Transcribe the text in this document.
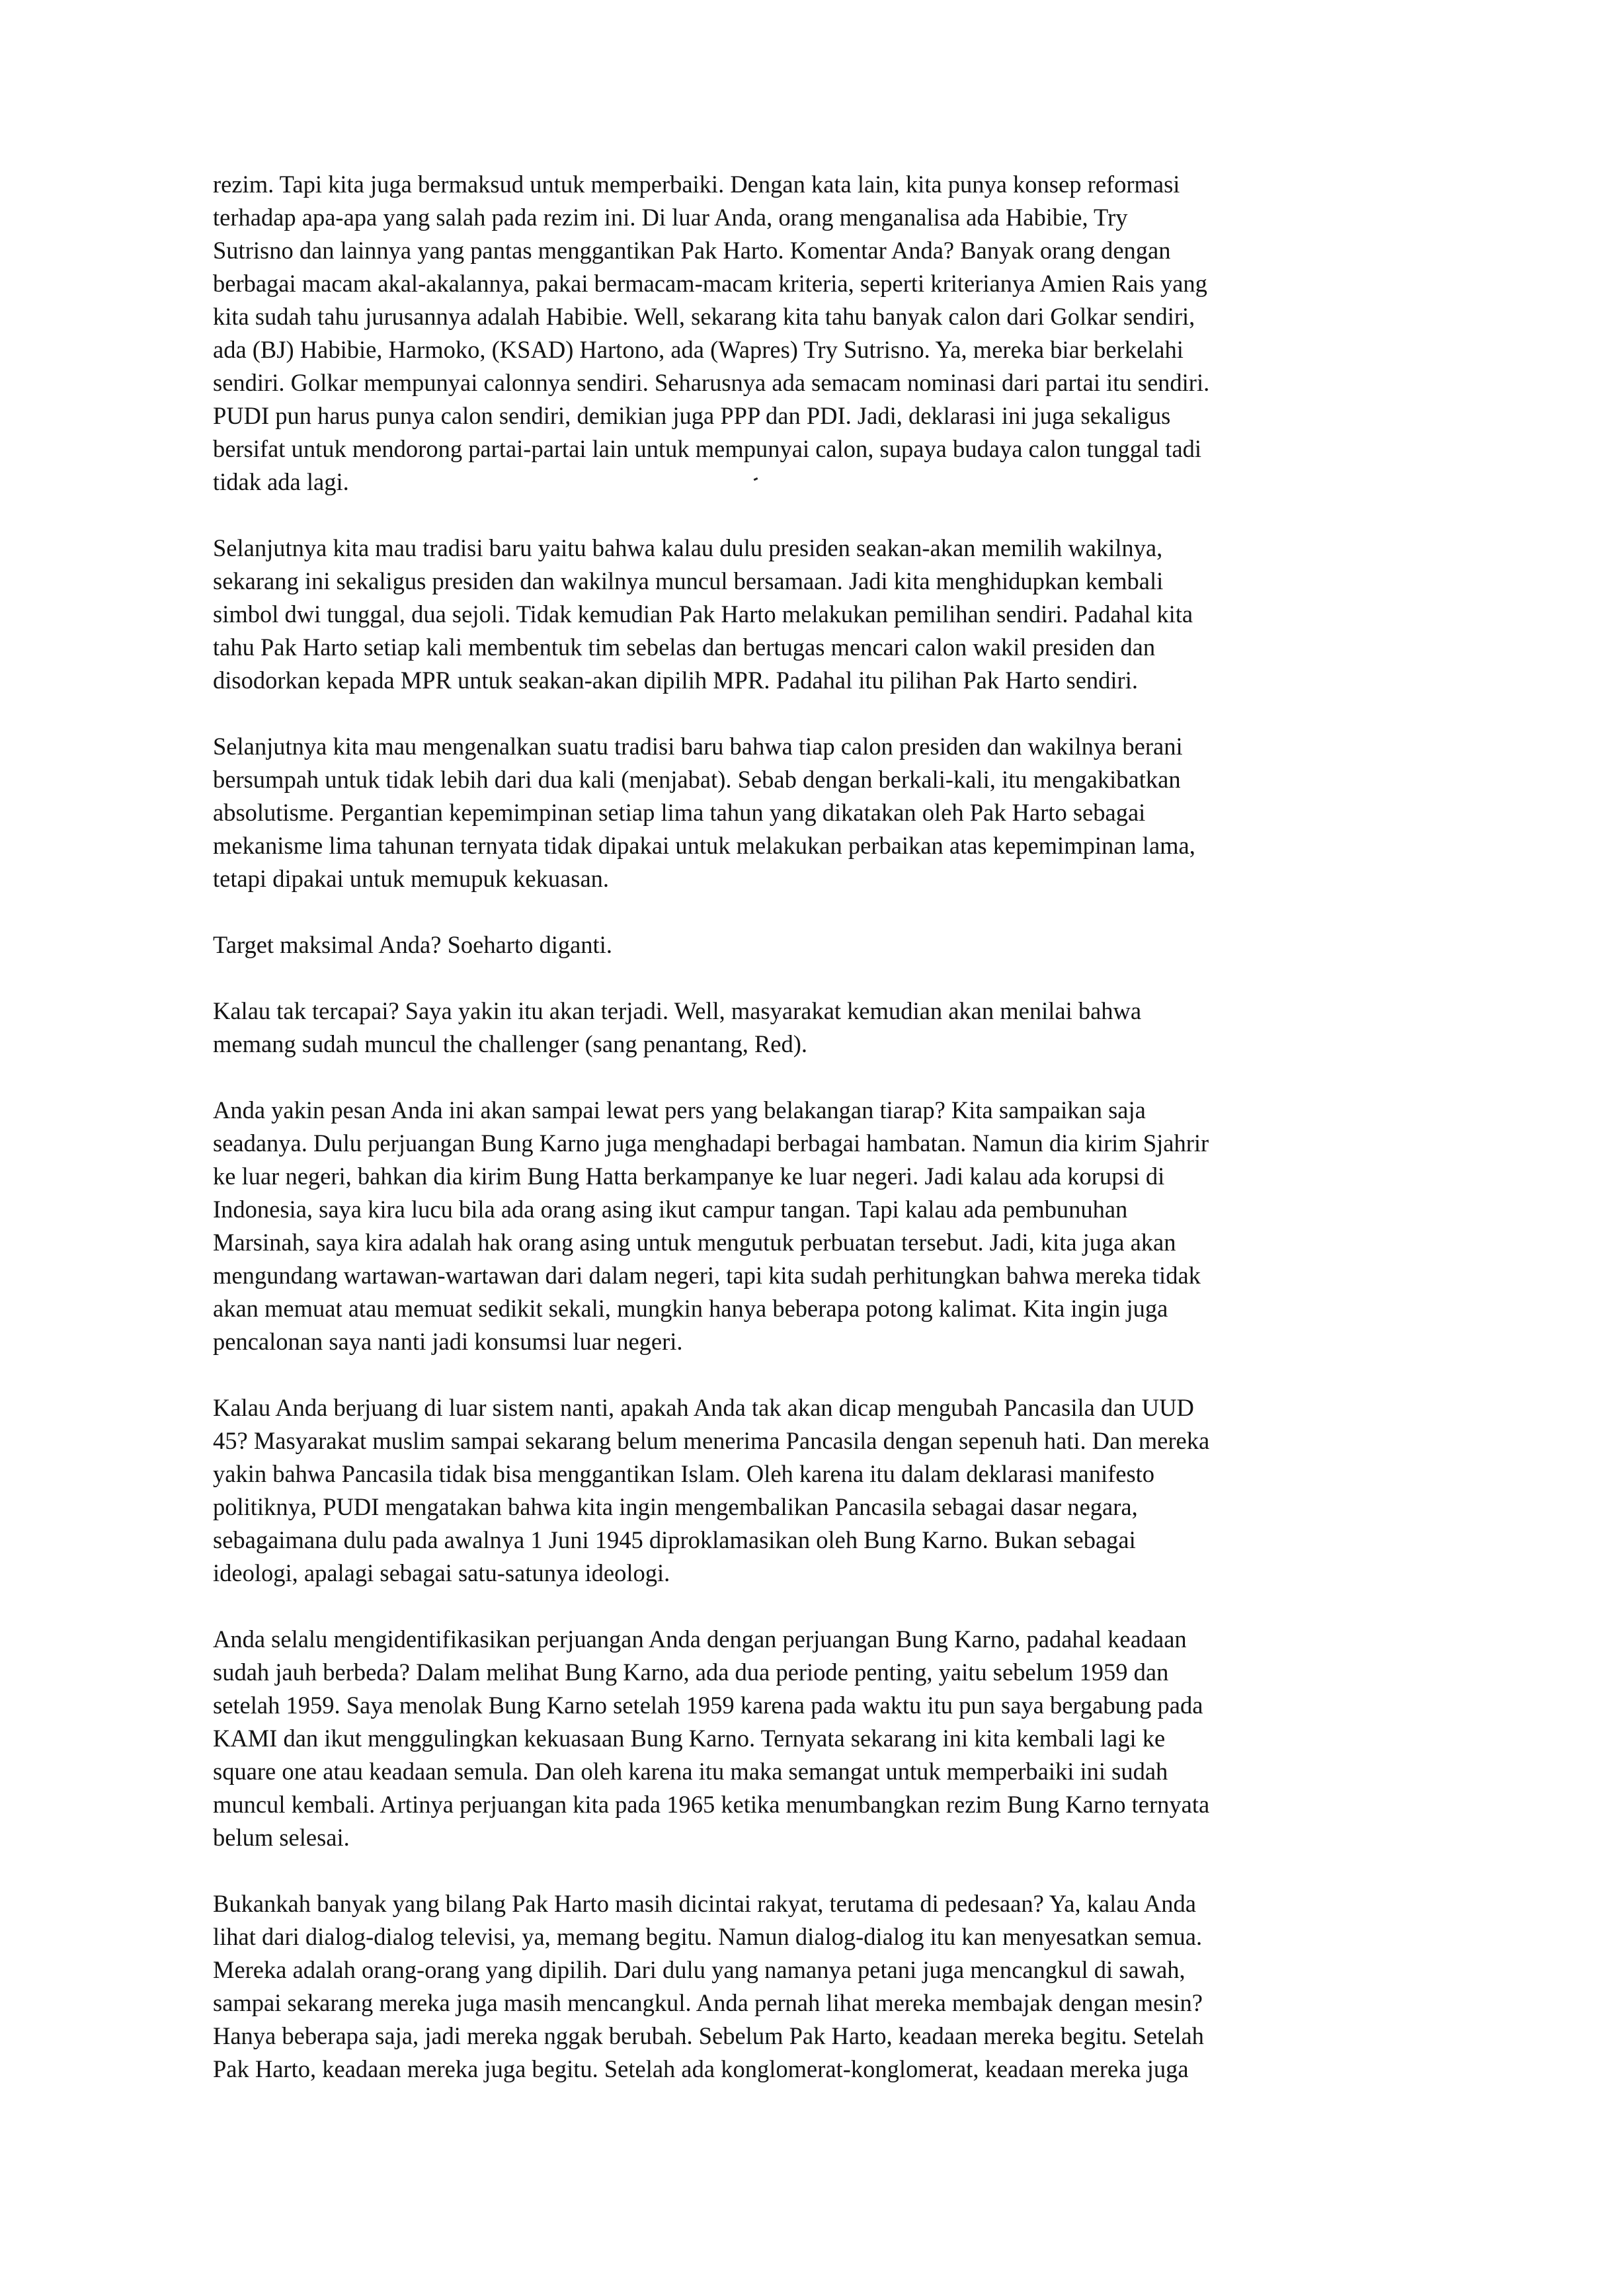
rezim. Tapi kita juga bermaksud untuk memperbaiki. Dengan kata lain, kita punya konsep reformasi
terhadap apa-apa yang salah pada rezim ini. Di luar Anda, orang menganalisa ada Habibie, Try
Sutrisno dan lainnya yang pantas menggantikan Pak Harto. Komentar Anda? Banyak orang dengan
berbagai macam akal-akalannya, pakai bermacam-macam kriteria, seperti kriterianya Amien Rais yang
kita sudah tahu jurusannya adalah Habibie. Well, sekarang kita tahu banyak calon dari Golkar sendiri,
ada (BJ) Habibie, Harmoko, (KSAD) Hartono, ada (Wapres) Try Sutrisno. Ya, mereka biar berkelahi
sendiri. Golkar mempunyai calonnya sendiri. Seharusnya ada semacam nominasi dari partai itu sendiri.
PUDI pun harus punya calon sendiri, demikian juga PPP dan PDI. Jadi, deklarasi ini juga sekaligus
bersifat untuk mendorong partai-partai lain untuk mempunyai calon, supaya budaya calon tunggal tadi
tidak ada lagi.

Selanjutnya kita mau tradisi baru yaitu bahwa kalau dulu presiden seakan-akan memilih wakilnya,
sekarang ini sekaligus presiden dan wakilnya muncul bersamaan. Jadi kita menghidupkan kembali
simbol dwi tunggal, dua sejoli. Tidak kemudian Pak Harto melakukan pemilihan sendiri. Padahal kita
tahu Pak Harto setiap kali membentuk tim sebelas dan bertugas mencari calon wakil presiden dan
disodorkan kepada MPR untuk seakan-akan dipilih MPR. Padahal itu pilihan Pak Harto sendiri.

Selanjutnya kita mau mengenalkan suatu tradisi baru bahwa tiap calon presiden dan wakilnya berani
bersumpah untuk tidak lebih dari dua kali (menjabat). Sebab dengan berkali-kali, itu mengakibatkan
absolutisme. Pergantian kepemimpinan setiap lima tahun yang dikatakan oleh Pak Harto sebagai
mekanisme lima tahunan ternyata tidak dipakai untuk melakukan perbaikan atas kepemimpinan lama,
tetapi dipakai untuk memupuk kekuasan.

Target maksimal Anda? Soeharto diganti.

Kalau tak tercapai? Saya yakin itu akan terjadi. Well, masyarakat kemudian akan menilai bahwa
memang sudah muncul the challenger (sang penantang, Red).

Anda yakin pesan Anda ini akan sampai lewat pers yang belakangan tiarap? Kita sampaikan saja
seadanya. Dulu perjuangan Bung Karno juga menghadapi berbagai hambatan. Namun dia kirim Sjahrir
ke luar negeri, bahkan dia kirim Bung Hatta berkampanye ke luar negeri. Jadi kalau ada korupsi di
Indonesia, saya kira lucu bila ada orang asing ikut campur tangan. Tapi kalau ada pembunuhan
Marsinah, saya kira adalah hak orang asing untuk mengutuk perbuatan tersebut. Jadi, kita juga akan
mengundang wartawan-wartawan dari dalam negeri, tapi kita sudah perhitungkan bahwa mereka tidak
akan memuat atau memuat sedikit sekali, mungkin hanya beberapa potong kalimat. Kita ingin juga
pencalonan saya nanti jadi konsumsi luar negeri.

Kalau Anda berjuang di luar sistem nanti, apakah Anda tak akan dicap mengubah Pancasila dan UUD
45? Masyarakat muslim sampai sekarang belum menerima Pancasila dengan sepenuh hati. Dan mereka
yakin bahwa Pancasila tidak bisa menggantikan Islam. Oleh karena itu dalam deklarasi manifesto
politiknya, PUDI mengatakan bahwa kita ingin mengembalikan Pancasila sebagai dasar negara,
sebagaimana dulu pada awalnya 1 Juni 1945 diproklamasikan oleh Bung Karno. Bukan sebagai
ideologi, apalagi sebagai satu-satunya ideologi.

Anda selalu mengidentifikasikan perjuangan Anda dengan perjuangan Bung Karno, padahal keadaan
sudah jauh berbeda? Dalam melihat Bung Karno, ada dua periode penting, yaitu sebelum 1959 dan
setelah 1959. Saya menolak Bung Karno setelah 1959 karena pada waktu itu pun saya bergabung pada
KAMI dan ikut menggulingkan kekuasaan Bung Karno. Ternyata sekarang ini kita kembali lagi ke
square one atau keadaan semula. Dan oleh karena itu maka semangat untuk memperbaiki ini sudah
muncul kembali. Artinya perjuangan kita pada 1965 ketika menumbangkan rezim Bung Karno ternyata
belum selesai.

Bukankah banyak yang bilang Pak Harto masih dicintai rakyat, terutama di pedesaan? Ya, kalau Anda
lihat dari dialog-dialog televisi, ya, memang begitu. Namun dialog-dialog itu kan menyesatkan semua.
Mereka adalah orang-orang yang dipilih. Dari dulu yang namanya petani juga mencangkul di sawah,
sampai sekarang mereka juga masih mencangkul. Anda pernah lihat mereka membajak dengan mesin?
Hanya beberapa saja, jadi mereka nggak berubah. Sebelum Pak Harto, keadaan mereka begitu. Setelah
Pak Harto, keadaan mereka juga begitu. Setelah ada konglomerat-konglomerat, keadaan mereka juga
